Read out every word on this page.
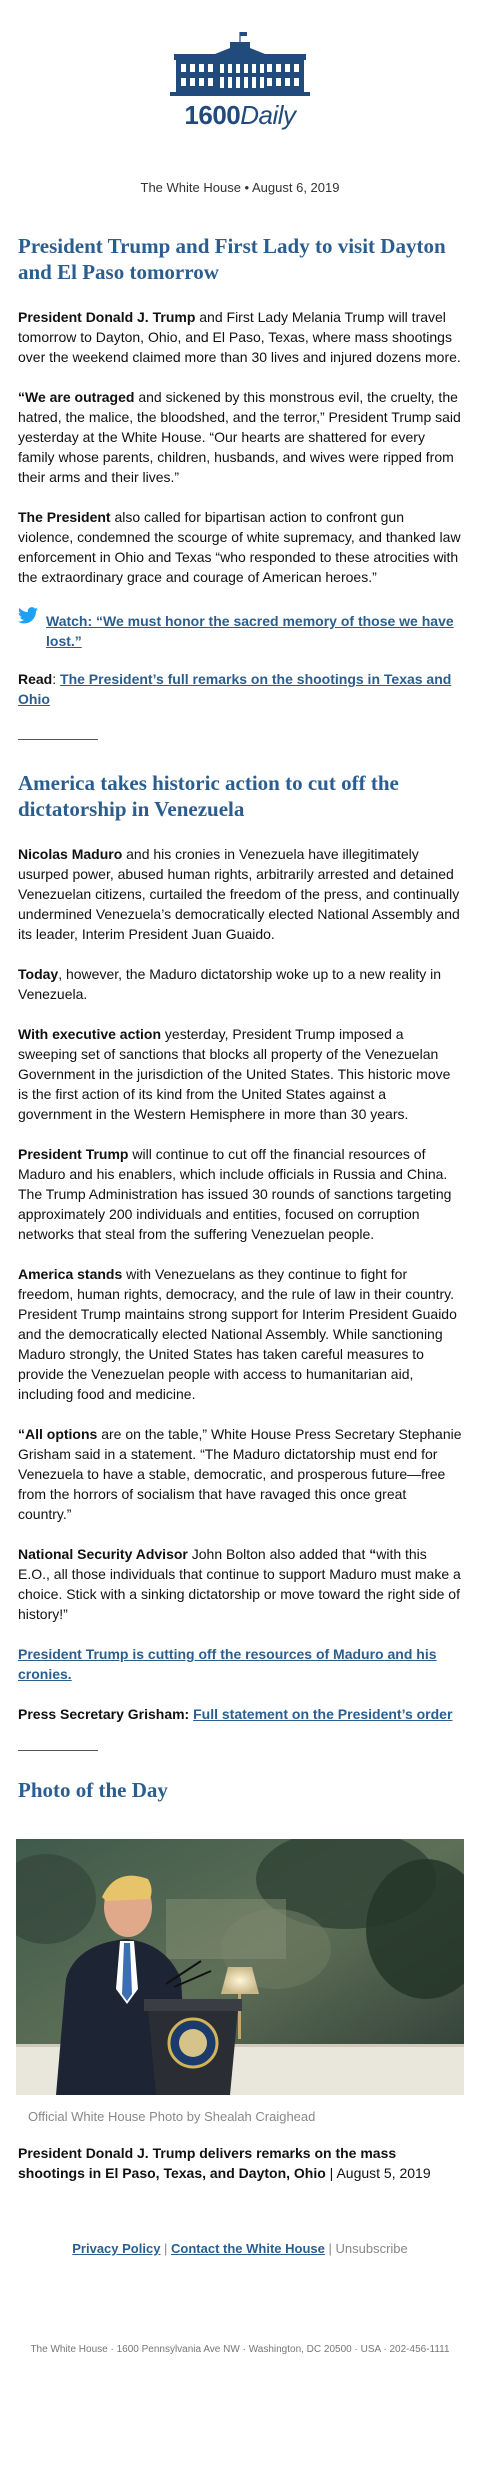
1600Daily
The White House • August 6, 2019
President Trump and First Lady to visit Dayton and El Paso tomorrow

President Donald J. Trump and First Lady Melania Trump will travel tomorrow to Dayton, Ohio, and El Paso, Texas, where mass shootings over the weekend claimed more than 30 lives and injured dozens more.

“We are outraged and sickened by this monstrous evil, the cruelty, the hatred, the malice, the bloodshed, and the terror,” President Trump said yesterday at the White House. “Our hearts are shattered for every family whose parents, children, husbands, and wives were ripped from their arms and their lives.”

The President also called for bipartisan action to confront gun violence, condemned the scourge of white supremacy, and thanked law enforcement in Ohio and Texas “who responded to these atrocities with the extraordinary grace and courage of American heroes.”

Watch: “We must honor the sacred memory of those we have lost.”

Read: The President’s full remarks on the shootings in Texas and Ohio

America takes historic action to cut off the dictatorship in Venezuela

Nicolas Maduro and his cronies in Venezuela have illegitimately usurped power, abused human rights, arbitrarily arrested and detained Venezuelan citizens, curtailed the freedom of the press, and continually undermined Venezuela’s democratically elected National Assembly and its leader, Interim President Juan Guaido.

Today, however, the Maduro dictatorship woke up to a new reality in Venezuela.

With executive action yesterday, President Trump imposed a sweeping set of sanctions that blocks all property of the Venezuelan Government in the jurisdiction of the United States. This historic move is the first action of its kind from the United States against a government in the Western Hemisphere in more than 30 years.

President Trump will continue to cut off the financial resources of Maduro and his enablers, which include officials in Russia and China. The Trump Administration has issued 30 rounds of sanctions targeting approximately 200 individuals and entities, focused on corruption networks that steal from the suffering Venezuelan people.

America stands with Venezuelans as they continue to fight for freedom, human rights, democracy, and the rule of law in their country. President Trump maintains strong support for Interim President Guaido and the democratically elected National Assembly. While sanctioning Maduro strongly, the United States has taken careful measures to provide the Venezuelan people with access to humanitarian aid, including food and medicine.

“All options are on the table,” White House Press Secretary Stephanie Grisham said in a statement. “The Maduro dictatorship must end for Venezuela to have a stable, democratic, and prosperous future—free from the horrors of socialism that have ravaged this once great country.”

National Security Advisor John Bolton also added that “with this E.O., all those individuals that continue to support Maduro must make a choice. Stick with a sinking dictatorship or move toward the right side of history!”

President Trump is cutting off the resources of Maduro and his cronies.

Press Secretary Grisham: Full statement on the President’s order

Photo of the Day

Official White House Photo by Shealah Craighead

President Donald J. Trump delivers remarks on the mass shootings in El Paso, Texas, and Dayton, Ohio | August 5, 2019

Privacy Policy | Contact the White House | Unsubscribe
The White House · 1600 Pennsylvania Ave NW · Washington, DC 20500 · USA · 202-456-1111
